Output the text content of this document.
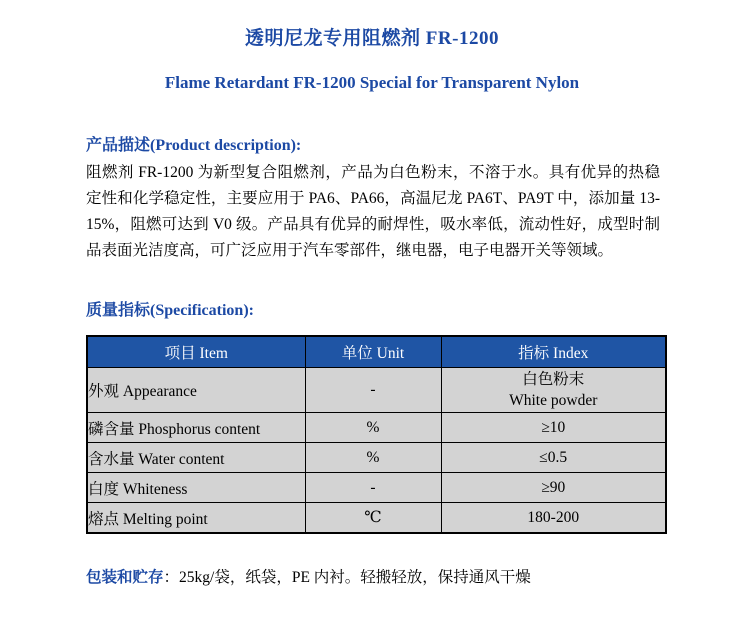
透明尼龙专用阻燃剂 FR-1200
Flame Retardant FR-1200 Special for Transparent Nylon
产品描述(Product description):
阻燃剂 FR-1200 为新型复合阻燃剂，产品为白色粉末，不溶于水。具有优异的热稳定性和化学稳定性，主要应用于 PA6、PA66，高温尼龙 PA6T、PA9T 中，添加量 13-15%，阻燃可达到 V0 级。产品具有优异的耐焊性，吸水率低，流动性好，成型时制品表面光洁度高，可广泛应用于汽车零部件，继电器，电子电器开关等领域。
质量指标(Specification):
项目 Item	单位 Unit	指标 Index
外观 Appearance	-	白色粉末
White powder

磷含量 Phosphorus content	%	≥10
含水量 Water content	%	≤0.5
白度 Whiteness	-	≥90
熔点 Melting point	℃	180-200
包装和贮存：25kg/袋，纸袋，PE 内衬。轻搬轻放，保持通风干燥
